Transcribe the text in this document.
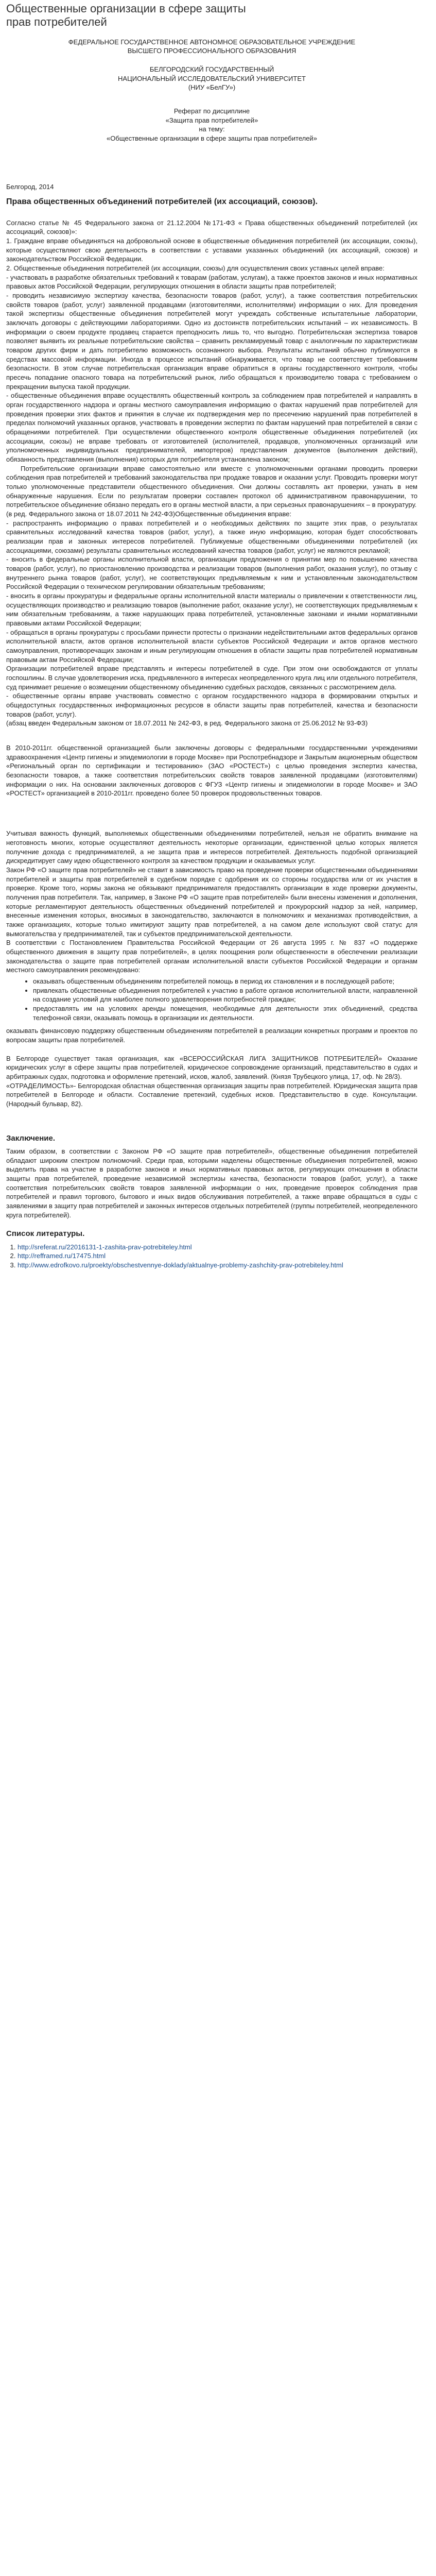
Общественные организации в сфере защиты прав потребителей

ФЕДЕРАЛЬНОЕ ГОСУДАРСТВЕННОЕ АВТОНОМНОЕ ОБРАЗОВАТЕЛЬНОЕ УЧРЕЖДЕНИЕ

ВЫСШЕГО ПРОФЕССИОНАЛЬНОГО ОБРАЗОВАНИЯ

БЕЛГОРОДСКИЙ ГОСУДАРСТВЕННЫЙ

НАЦИОНАЛЬНЫЙ ИССЛЕДОВАТЕЛЬСКИЙ УНИВЕРСИТЕТ

(НИУ «БелГУ»)

Реферат по дисциплине

«Защита прав потребителей»

на тему:

«Общественные организации в сфере защиты прав потребителей»

Белгород, 2014

Права общественных объединений потребителей (их ассоциаций, союзов).

Согласно статье № 45 Федерального закона от 21.12.2004 №171-ФЗ « Права общественных объединений потребителей (их ассоциаций, союзов)»:

1. Граждане вправе объединяться на добровольной основе в общественные объединения потребителей (их ассоциации, союзы), которые осуществляют свою деятельность в соответствии с уставами указанных объединений (их ассоциаций, союзов) и законодательством Российской Федерации.

2. Общественные объединения потребителей (их ассоциации, союзы) для осуществления своих уставных целей вправе:

- участвовать в разработке обязательных требований к товарам (работам, услугам), а также проектов законов и иных нормативных правовых актов Российской Федерации, регулирующих отношения в области защиты прав потребителей;

- проводить независимую экспертизу качества, безопасности товаров (работ, услуг), а также соответствия потребительских свойств товаров (работ, услуг) заявленной продавцами (изготовителями, исполнителями) информации о них. Для проведения такой экспертизы общественные объединения потребителей могут учреждать собственные испытательные лаборатории, заключать договоры с действующими лабораториями. Одно из достоинств потребительских испытаний – их независимость. В информации о своем продукте продавец старается преподносить лишь то, что выгодно. Потребительская экспертиза товаров позволяет выявить их реальные потребительские свойства – сравнить рекламируемый товар с аналогичным по характеристикам товаром других фирм и дать потребителю возможность осознанного выбора. Результаты испытаний обычно публикуются в средствах массовой информации. Иногда в процессе испытаний обнаруживается, что товар не соответствует требованиям безопасности. В этом случае потребительская организация вправе обратиться в органы государственного контроля, чтобы пресечь попадание опасного товара на потребительский рынок, либо обращаться к производителю товара с требованием о прекращении выпуска такой продукции.

- общественные объединения вправе осуществлять общественный контроль за соблюдением прав потребителей и направлять в орган государственного надзора и органы местного самоуправления информацию о фактах нарушений прав потребителей для проведения проверки этих фактов и принятия в случае их подтверждения мер по пресечению нарушений прав потребителей в пределах полномочий указанных органов, участвовать в проведении экспертиз по фактам нарушений прав потребителей в связи с обращениями потребителей. При осуществлении общественного контроля общественные объединения потребителей (их ассоциации, союзы) не вправе требовать от изготовителей (исполнителей, продавцов, уполномоченных организаций или уполномоченных индивидуальных предпринимателей, импортеров) представления документов (выполнения действий), обязанность представления (выполнения) которых для потребителя установлена законом;

Потребительские организации вправе самостоятельно или вместе с уполномоченными органами проводить проверки соблюдения прав потребителей и требований законодательства при продаже товаров и оказании услуг. Проводить проверки могут только уполномоченные представители общественного объединения. Они должны составлять акт проверки, узнать в нем обнаруженные нарушения. Если по результатам проверки составлен протокол об административном правонарушении, то потребительское объединение обязано передать его в органы местной власти, а при серьезных правонарушениях – в прокуратуру.

(в ред. Федерального закона от 18.07.2011 № 242-ФЗ)Общественные объединения вправе:

- распространять информацию о правах потребителей и о необходимых действиях по защите этих прав, о результатах сравнительных исследований качества товаров (работ, услуг), а также иную информацию, которая будет способствовать реализации прав и законных интересов потребителей. Публикуемые общественными объединениями потребителей (их ассоциациями, союзами) результаты сравнительных исследований качества товаров (работ, услуг) не являются рекламой;

- вносить в федеральные органы исполнительной власти, организации предложения о принятии мер по повышению качества товаров (работ, услуг), по приостановлению производства и реализации товаров (выполнения работ, оказания услуг), по отзыву с внутреннего рынка товаров (работ, услуг), не соответствующих предъявляемым к ним и установленным законодательством Российской Федерации о техническом регулировании обязательным требованиям;

- вносить в органы прокуратуры и федеральные органы исполнительной власти материалы о привлечении к ответственности лиц, осуществляющих производство и реализацию товаров (выполнение работ, оказание услуг), не соответствующих предъявляемым к ним обязательным требованиям, а также нарушающих права потребителей, установленные законами и иными нормативными правовыми актами Российской Федерации;

- обращаться в органы прокуратуры с просьбами принести протесты о признании недействительными актов федеральных органов исполнительной власти, актов органов исполнительной власти субъектов Российской Федерации и актов органов местного самоуправления, противоречащих законам и иным регулирующим отношения в области защиты прав потребителей нормативным правовым актам Российской Федерации;

Организации потребителей вправе представлять и интересы потребителей в суде. При этом они освобождаются от уплаты госпошлины. В случае удовлетворения иска, предъявленного в интересах неопределенного круга лиц или отдельного потребителя, суд принимает решение о возмещении общественному объединению судебных расходов, связанных с рассмотрением дела.

- общественные органы вправе участвовать совместно с органом государственного надзора в формировании открытых и общедоступных государственных информационных ресурсов в области защиты прав потребителей, качества и безопасности товаров (работ, услуг).

(абзац введен Федеральным законом от 18.07.2011 № 242-ФЗ, в ред. Федерального закона от 25.06.2012 № 93-ФЗ)

В 2010-2011гг. общественной организацией были заключены договоры с федеральными государственными учреждениями здравоохранения «Центр гигиены и эпидемиологии в городе Москве» при Роспотребнадзоре и Закрытым акционерным обществом «Региональный орган по сертификации и тестированию» (ЗАО «РОСТЕСТ») с целью проведения экспертиз качества, безопасности товаров, а также соответствия потребительских свойств товаров заявленной продавцами (изготовителями) информации о них. На основании заключенных договоров с ФГУЗ «Центр гигиены и эпидемиологии в городе Москве» и ЗАО «РОСТЕСТ» организацией в 2010-2011гг. проведено более 50 проверок продовольственных товаров.

Учитывая важность функций, выполняемых общественными объединениями потребителей, нельзя не обратить внимание на неготовность многих, которые осуществляют деятельность некоторые организации, единственной целью которых является получение дохода с предпринимателей, а не защита прав и интересов потребителей. Деятельность подобной организацией дискредитирует саму идею общественного контроля за качеством продукции и оказываемых услуг.

Закон РФ «О защите прав потребителей» не ставит в зависимость право на проведение проверки общественными объединениями потребителей и защиты прав потребителей в судебном порядке с одобрения их со стороны государства или от их участия в проверке. Кроме того, нормы закона не обязывают предпринимателя предоставлять организации в ходе проверки документы, получения прав потребителя. Так, например, в Законе РФ «О защите прав потребителей» были внесены изменения и дополнения, которые регламентируют деятельность общественных объединений потребителей и прокурорский надзор за ней, например, внесенные изменения которых, вносимых в законодательство, заключаются в полномочиях и механизмах противодействия, а также организациях, которые только имитируют защиту прав потребителей, а на самом деле используют свой статус для вымогательства у предпринимателей, так и субъектов предпринимательской деятельности.

В соответствии с Постановлением Правительства Российской Федерации от 26 августа 1995 г. № 837 «О поддержке общественного движения в защиту прав потребителей», в целях поощрения роли общественности в обеспечении реализации законодательства о защите прав потребителей органам исполнительной власти субъектов Российской Федерации и органам местного самоуправления рекомендовано:

• оказывать общественным объединениям потребителей помощь в период их становления и в последующей работе;
• привлекать общественные объединения потребителей к участию в работе органов исполнительной власти, направленной на создание условий для наиболее полного удовлетворения потребностей граждан;
• предоставлять им на условиях аренды помещения, необходимые для деятельности этих объединений, средства телефонной связи, оказывать помощь в организации их деятельности.

оказывать финансовую поддержку общественным объединениям потребителей в реализации конкретных программ и проектов по вопросам защиты прав потребителей.

В Белгороде существует такая организация, как «ВСЕРОССИЙСКАЯ ЛИГА ЗАЩИТНИКОВ ПОТРЕБИТЕЛЕЙ» Оказание юридических услуг в сфере защиты прав потребителей, юридическое сопровождение организаций, представительство в судах и арбитражных судах, подготовка и оформление претензий, исков, жалоб, заявлений. (Князя Трубецкого улица, 17, оф. № 28/3).

«ОТРАДЕЛИМОСТЬ»- Белгородская областная общественная организация защиты прав потребителей. Юридическая защита прав потребителей в Белгороде и области. Составление претензий, судебных исков. Представительство в суде. Консультации. (Народный бульвар, 82).

Заключение.

Таким образом, в соответствии с Законом РФ «О защите прав потребителей», общественные объединения потребителей обладают широким спектром полномочий. Среди прав, которыми наделены общественные объединения потребителей, можно выделить права на участие в разработке законов и иных нормативных правовых актов, регулирующих отношения в области защиты прав потребителей, проведение независимой экспертизы качества, безопасности товаров (работ, услуг), а также соответствия потребительских свойств товаров заявленной информации о них, проведение проверок соблюдения прав потребителей и правил торгового, бытового и иных видов обслуживания потребителей, а также вправе обращаться в суды с заявлениями в защиту прав потребителей и законных интересов отдельных потребителей (группы потребителей, неопределенного круга потребителей).

Список литературы.
1. http://sreferat.ru/22016131-1-zashita-prav-potrebiteley.html
2. http://refframed.ru/17475.html
3. http://www.edrofkovo.ru/proekty/obschestvennye-doklady/aktualnye-problemy-zashchity-prav-potrebiteley.html
